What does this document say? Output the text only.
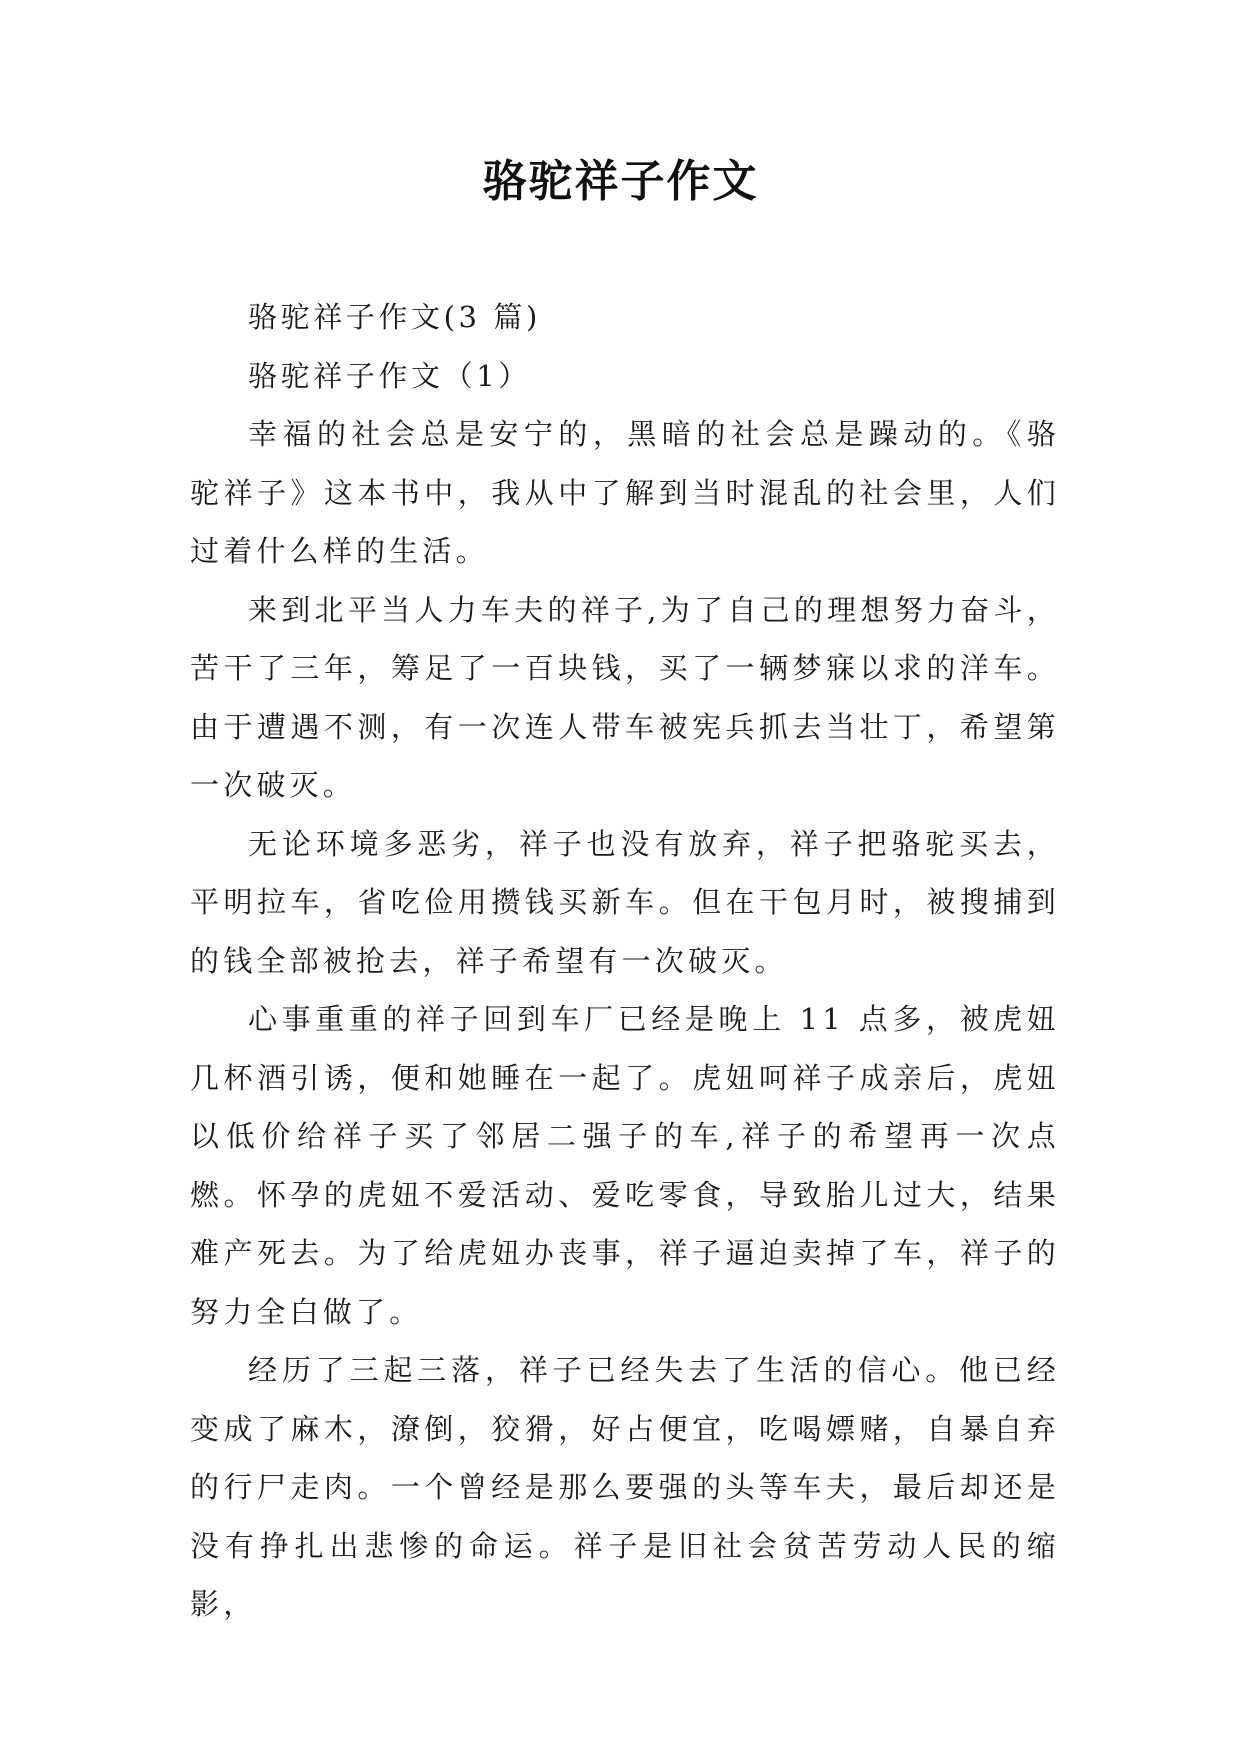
骆驼祥子作文

骆驼祥子作文(3 篇)

骆驼祥子作文（1）

幸福的社会总是安宁的，黑暗的社会总是躁动的。《骆驼祥子》这本书中，我从中了解到当时混乱的社会里，人们过着什么样的生活。

来到北平当人力车夫的祥子,为了自己的理想努力奋斗，苦干了三年，筹足了一百块钱，买了一辆梦寐以求的洋车。由于遭遇不测，有一次连人带车被宪兵抓去当壮丁，希望第一次破灭。

无论环境多恶劣，祥子也没有放弃，祥子把骆驼买去，平明拉车，省吃俭用攒钱买新车。但在干包月时，被搜捕到的钱全部被抢去，祥子希望有一次破灭。

心事重重的祥子回到车厂已经是晚上 11 点多，被虎妞几杯酒引诱，便和她睡在一起了。虎妞呵祥子成亲后，虎妞以低价给祥子买了邻居二强子的车,祥子的希望再一次点燃。怀孕的虎妞不爱活动、爱吃零食，导致胎儿过大，结果难产死去。为了给虎妞办丧事，祥子逼迫卖掉了车，祥子的努力全白做了。

经历了三起三落，祥子已经失去了生活的信心。他已经变成了麻木，潦倒，狡猾，好占便宜，吃喝嫖赌，自暴自弃的行尸走肉。一个曾经是那么要强的头等车夫，最后却还是没有挣扎出悲惨的命运。祥子是旧社会贫苦劳动人民的缩影，
